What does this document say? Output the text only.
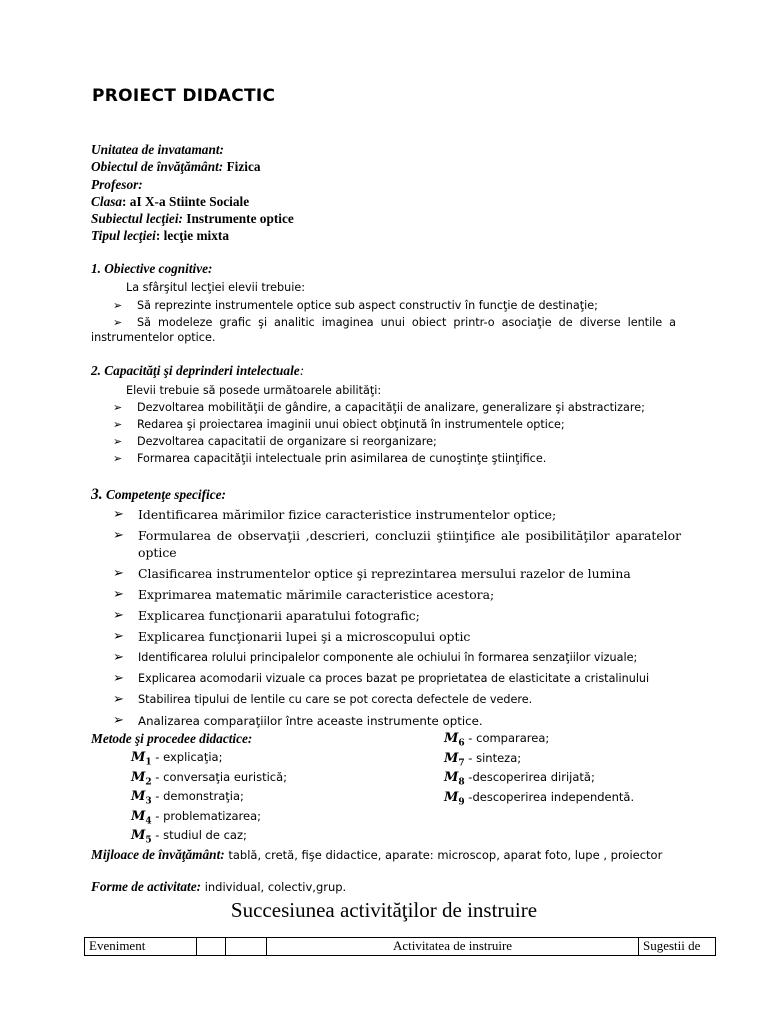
PROIECT DIDACTIC
Unitatea de invatamant:
Obiectul de învăţământ: Fizica
Profesor:
Clasa: aI X-a Stiinte Sociale
Subiectul lecţiei: Instrumente optice
Tipul lecţiei: lecţie mixta
1. Obiective cognitive:
La sfârşitul lecţiei elevii trebuie:
➢ Să reprezinte instrumentele optice sub aspect constructiv în funcţie de destinaţie;
➢ Să modeleze grafic şi analitic imaginea unui obiect printr-o asociaţie de diverse lentile a
instrumentelor optice.
2. Capacităţi şi deprinderi intelectuale:
Elevii trebuie să posede următoarele abilităţi:
➢ Dezvoltarea mobilităţii de gândire, a capacităţii de analizare, generalizare şi abstractizare;
➢ Redarea şi proiectarea imaginii unui obiect obţinută în instrumentele optice;
➢ Dezvoltarea capacitatii de organizare si reorganizare;
➢ Formarea capacităţii intelectuale prin asimilarea de cunoştinţe ştiinţifice.
3. Competenţe specifice:
➢ Identificarea mărimilor fizice caracteristice instrumentelor optice;
➢ Formularea de observaţii ,descrieri, concluzii ştiinţifice ale posibilităţilor aparatelor
optice
➢ Clasificarea instrumentelor optice şi reprezintarea mersului razelor de lumina
➢ Exprimarea matematic mărimile caracteristice acestora;
➢ Explicarea funcţionarii aparatului fotografic;
➢ Explicarea funcţionarii lupei şi a microscopului optic
➢ Identificarea rolului principalelor componente ale ochiului în formarea senzaţiilor vizuale;
➢ Explicarea acomodarii vizuale ca proces bazat pe proprietatea de elasticitate a cristalinului
➢ Stabilirea tipului de lentile cu care se pot corecta defectele de vedere.
➢ Analizarea comparaţiilor între aceaste instrumente optice.
Metode şi procedee didactice:
$M_1$ - explicaţia;
$M_2$ - conversaţia euristică;
$M_3$ - demonstraţia;
$M_4$ - problematizarea;
$M_5$ - studiul de caz;
$M_6$ - compararea;
$M_7$ - sinteza;
$M_8$ -descoperirea dirijată;
$M_9$ -descoperirea independentă.
Mijloace de învăţământ: tablă, cretă, fişe didactice, aparate: microscop, aparat foto, lupe , proiector
Forme de activitate: individual, colectiv,grup.
Succesiunea activităţilor de instruire
Eveniment			Activitatea de instruire	Sugestii de
